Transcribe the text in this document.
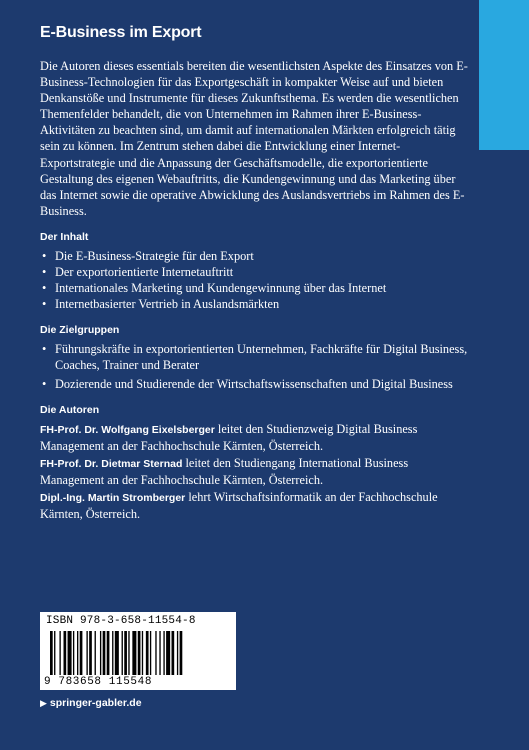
E-Business im Export

Die Autoren dieses essentials bereiten die wesentlichsten Aspekte des Einsatzes von E-Business-Technologien für das Exportgeschäft in kompakter Weise auf und bieten Denkanstöße und Instrumente für dieses Zukunftsthema. Es werden die wesentlichen Themenfelder behandelt, die von Unternehmen im Rahmen ihrer E-Business-Aktivitäten zu beachten sind, um damit auf internationalen Märkten erfolgreich tätig sein zu können. Im Zentrum stehen dabei die Entwicklung einer Internet-Exportstrategie und die Anpassung der Geschäftsmodelle, die exportorientierte Gestaltung des eigenen Webauftritts, die Kundengewinnung und das Marketing über das Internet sowie die operative Abwicklung des Auslandsvertriebs im Rahmen des E-Business.

Der Inhalt
• Die E-Business-Strategie für den Export
• Der exportorientierte Internetauftritt
• Internationales Marketing und Kundengewinnung über das Internet
• Internetbasierter Vertrieb in Auslandsmärkten
Die Zielgruppen
• Führungskräfte in exportorientierten Unternehmen, Fachkräfte für Digital Business, Coaches, Trainer und Berater
• Dozierende und Studierende der Wirtschaftswissenschaften und Digital Business
Die Autoren

FH-Prof. Dr. Wolfgang Eixelsberger leitet den Studienzweig Digital Business Management an der Fachhochschule Kärnten, Österreich.

FH-Prof. Dr. Dietmar Sternad leitet den Studiengang International Business Management an der Fachhochschule Kärnten, Österreich.

Dipl.-Ing. Martin Stromberger lehrt Wirtschaftsinformatik an der Fachhochschule Kärnten, Österreich.

ISBN 978-3-658-11554-8
9 783658 115548
▶ springer-gabler.de
